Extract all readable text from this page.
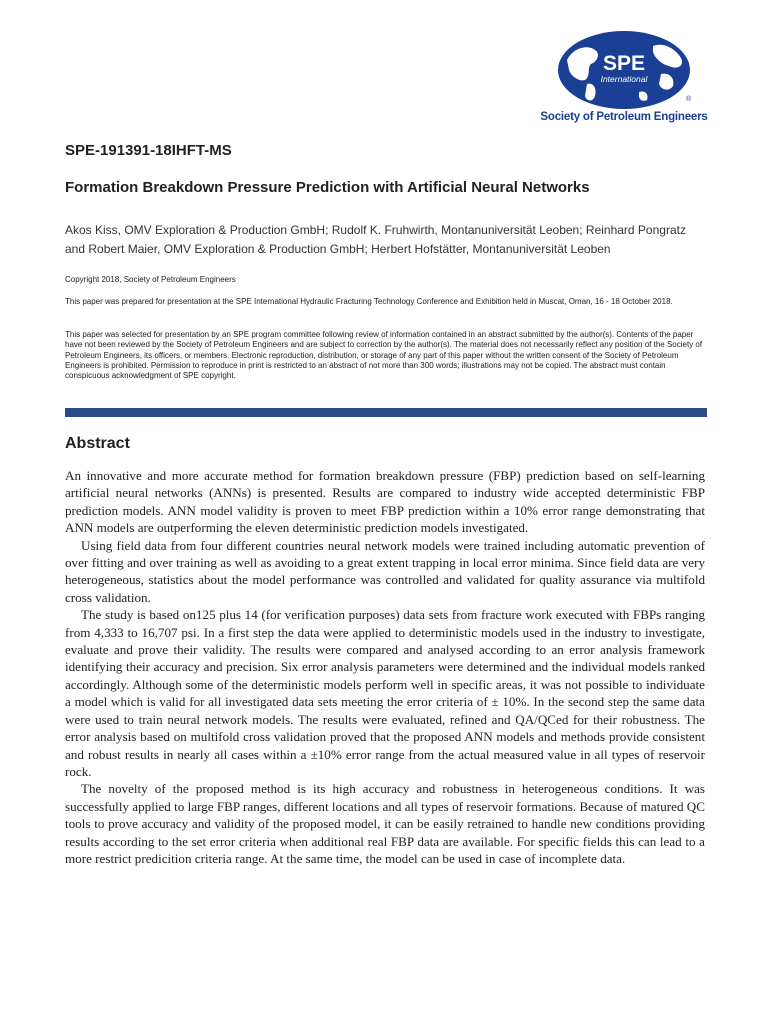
SPE
International
®
Society of Petroleum Engineers
SPE-191391-18IHFT-MS
Formation Breakdown Pressure Prediction with Artificial Neural Networks
Akos Kiss, OMV Exploration & Production GmbH; Rudolf K. Fruhwirth, Montanuniversität Leoben; Reinhard Pongratz and Robert Maier, OMV Exploration & Production GmbH; Herbert Hofstätter, Montanuniversität Leoben
Copyright 2018, Society of Petroleum Engineers
This paper was prepared for presentation at the SPE International Hydraulic Fracturing Technology Conference and Exhibition held in Muscat, Oman, 16 - 18 October 2018.
This paper was selected for presentation by an SPE program committee following review of information contained in an abstract submitted by the author(s). Contents of the paper have not been reviewed by the Society of Petroleum Engineers and are subject to correction by the author(s). The material does not necessarily reflect any position of the Society of Petroleum Engineers, its officers, or members. Electronic reproduction, distribution, or storage of any part of this paper without the written consent of the Society of Petroleum Engineers is prohibited. Permission to reproduce in print is restricted to an abstract of not more than 300 words; illustrations may not be copied. The abstract must contain conspicuous acknowledgment of SPE copyright.
Abstract

An innovative and more accurate method for formation breakdown pressure (FBP) prediction based on self-learning artificial neural networks (ANNs) is presented. Results are compared to industry wide accepted deterministic FBP prediction models. ANN model validity is proven to meet FBP prediction within a 10% error range demonstrating that ANN models are outperforming the eleven deterministic prediction models investigated.

Using field data from four different countries neural network models were trained including automatic prevention of over fitting and over training as well as avoiding to a great extent trapping in local error minima. Since field data are very heterogeneous, statistics about the model performance was controlled and validated for quality assurance via multifold cross validation.

The study is based on125 plus 14 (for verification purposes) data sets from fracture work executed with FBPs ranging from 4,333 to 16,707 psi. In a first step the data were applied to deterministic models used in the industry to investigate, evaluate and prove their validity. The results were compared and analysed according to an error analysis framework identifying their accuracy and precision. Six error analysis parameters were determined and the individual models ranked accordingly. Although some of the deterministic models perform well in specific areas, it was not possible to individuate a model which is valid for all investigated data sets meeting the error criteria of ± 10%. In the second step the same data were used to train neural network models. The results were evaluated, refined and QA/QCed for their robustness. The error analysis based on multifold cross validation proved that the proposed ANN models and methods provide consistent and robust results in nearly all cases within a ±10% error range from the actual measured value in all types of reservoir rock.

The novelty of the proposed method is its high accuracy and robustness in heterogeneous conditions. It was successfully applied to large FBP ranges, different locations and all types of reservoir formations. Because of matured QC tools to prove accuracy and validity of the proposed model, it can be easily retrained to handle new conditions providing results according to the set error criteria when additional real FBP data are available. For specific fields this can lead to a more restrict predicition criteria range. At the same time, the model can be used in case of incomplete data.
